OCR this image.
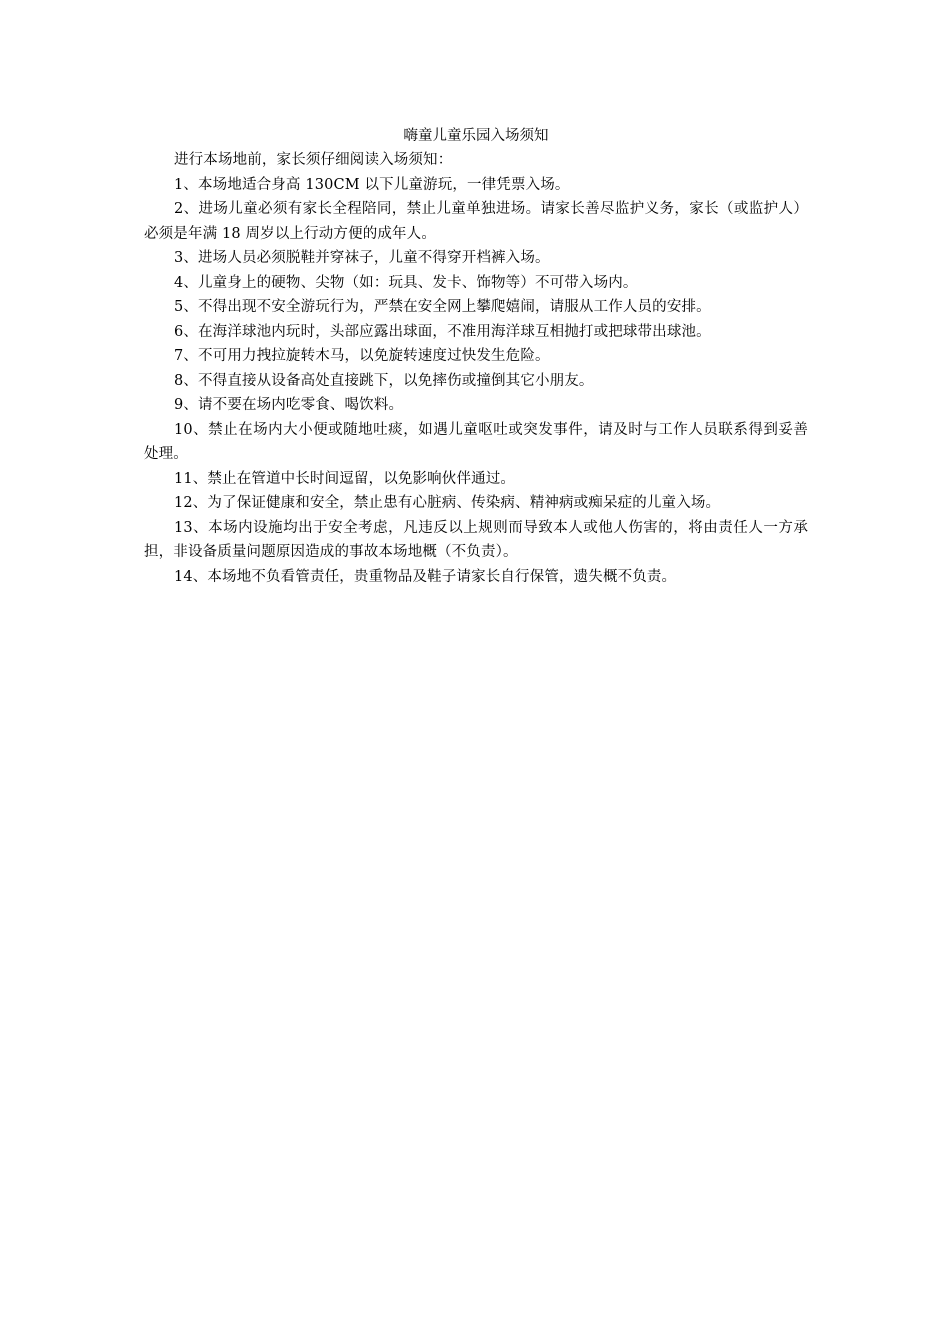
嗨童儿童乐园入场须知

进行本场地前，家长须仔细阅读入场须知：

1、本场地适合身高 130CM 以下儿童游玩，一律凭票入场。

2、进场儿童必须有家长全程陪同，禁止儿童单独进场。请家长善尽监护义务，家长（或监护人）必须是年满 18 周岁以上行动方便的成年人。

3、进场人员必须脱鞋并穿袜子，儿童不得穿开档裤入场。

4、儿童身上的硬物、尖物（如：玩具、发卡、饰物等）不可带入场内。

5、不得出现不安全游玩行为，严禁在安全网上攀爬嬉闹，请服从工作人员的安排。

6、在海洋球池内玩时，头部应露出球面，不准用海洋球互相抛打或把球带出球池。

7、不可用力拽拉旋转木马，以免旋转速度过快发生危险。

8、不得直接从设备高处直接跳下，以免摔伤或撞倒其它小朋友。

9、请不要在场内吃零食、喝饮料。

10、禁止在场内大小便或随地吐痰，如遇儿童呕吐或突发事件，请及时与工作人员联系得到妥善处理。

11、禁止在管道中长时间逗留，以免影响伙伴通过。

12、为了保证健康和安全，禁止患有心脏病、传染病、精神病或痴呆症的儿童入场。

13、本场内设施均出于安全考虑，凡违反以上规则而导致本人或他人伤害的，将由责任人一方承担，非设备质量问题原因造成的事故本场地概（不负责）。

14、本场地不负看管责任，贵重物品及鞋子请家长自行保管，遗失概不负责。
